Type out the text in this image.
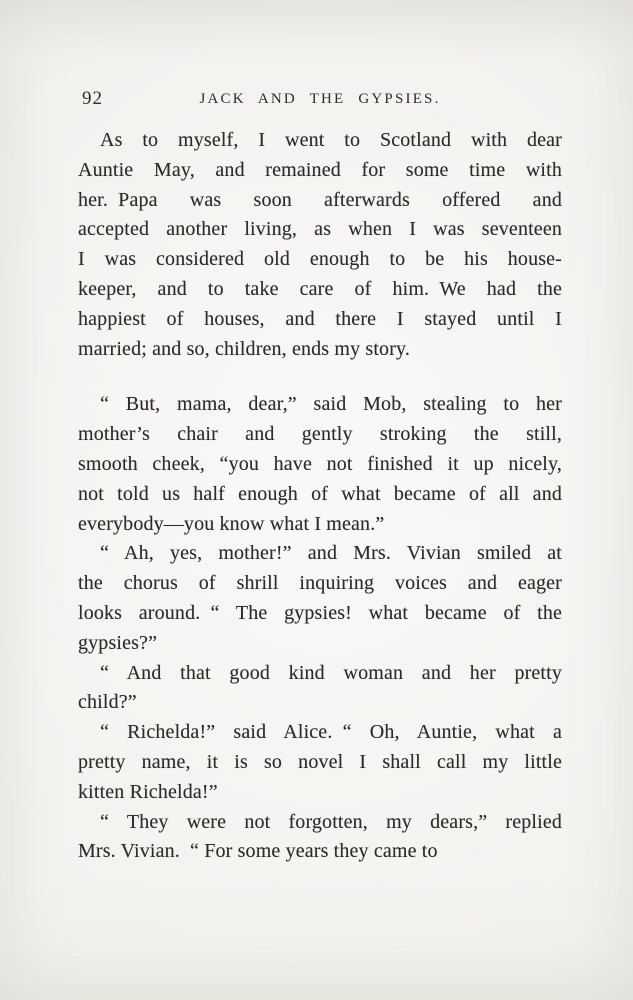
92	JACK AND THE GYPSIES.
As to myself, I went to Scotland with dear
Auntie May, and remained for some time with
her. Papa was soon afterwards offered and
accepted another living, as when I was seventeen
I was considered old enough to be his house-
keeper, and to take care of him. We had the
happiest of houses, and there I stayed until I
married; and so, children, ends my story.
“ But, mama, dear,” said Mob, stealing to her
mother’s chair and gently stroking the still,
smooth cheek, “you have not finished it up nicely,
not told us half enough of what became of all and
everybody—you know what I mean.”
“ Ah, yes, mother!” and Mrs. Vivian smiled at
the chorus of shrill inquiring voices and eager
looks around. “ The gypsies! what became of the
gypsies?”
“ And that good kind woman and her pretty
child?”
“ Richelda!” said Alice. “ Oh, Auntie, what a
pretty name, it is so novel I shall call my little
kitten Richelda!”
“ They were not forgotten, my dears,” replied
Mrs. Vivian. “ For some years they came to
